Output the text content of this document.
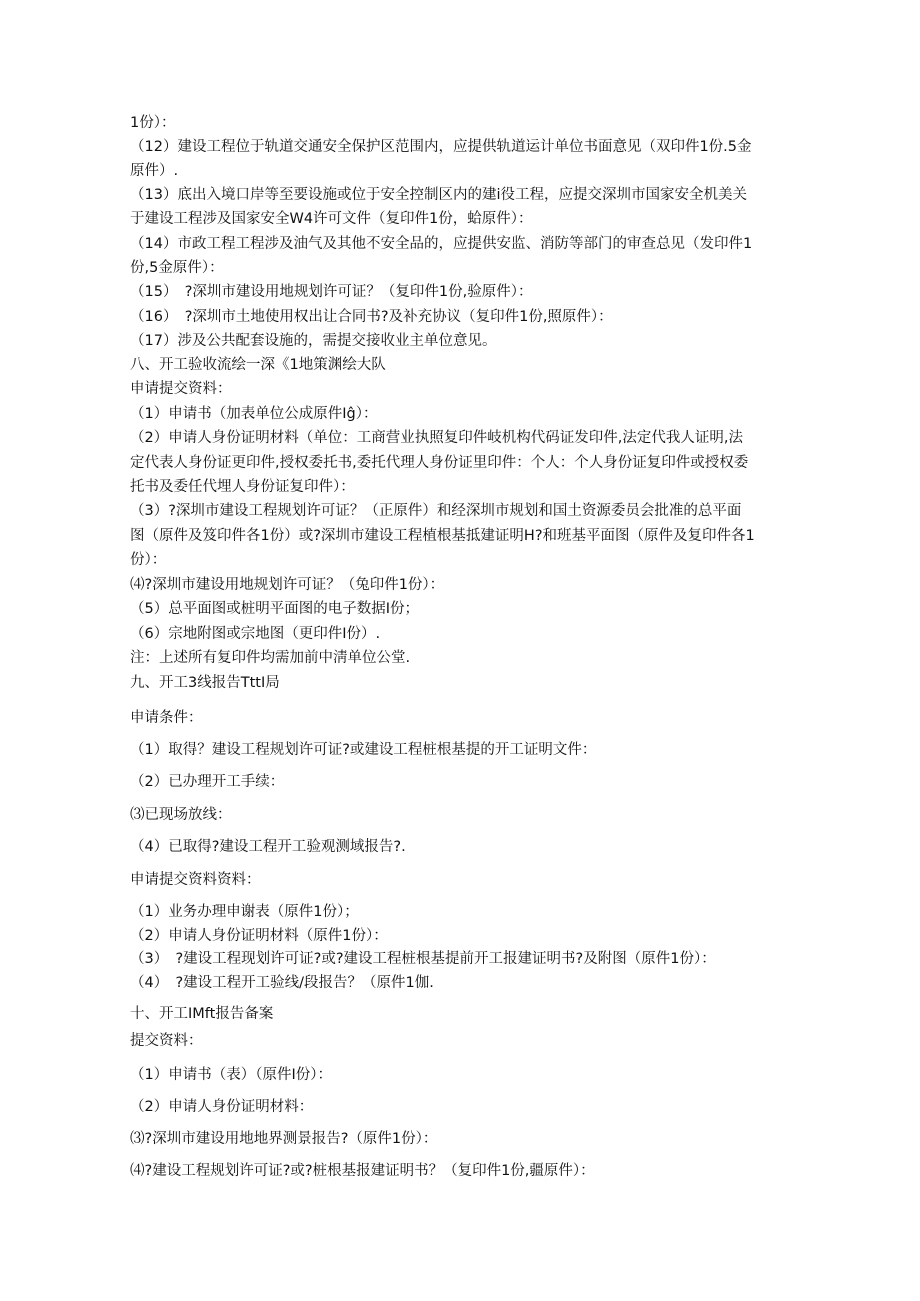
1份）：
（12）建设工程位于轨道交通安全保护区范围内，应提供轨道运计单位书面意见（双印件1份.5金
原件）.
（13）底出入境口岸等至要设施或位于安全控制区内的建i役工程，应提交深圳市国家安全机美关
于建设工程涉及国家安全W4许可文件（复印件1份，蛤原件）：
（14）市政工程工程涉及油气及其他不安全品的，应提供安监、消防等部门的审查总见（发印件1
份,5金原件）：
（15）　?深圳市建设用地规划许可证？（复印件1份,验原件）：
（16）　?深圳市土地使用权出让合同书?及补充协议（复印件1份,照原件）：
（17）涉及公共配套设施的，需提交接收业主单位意见。
八、开工验收流绘一深《1地策渊绘大队
申请提交资料：
（1）申请书（加表单位公成原件Iĝ）：
（2）申请人身份证明材料（单位：工商营业执照复印件岐机构代码证发印件,法定代我人证明,法
定代表人身份证更印件,授权委托书,委托代理人身份证里印件：个人：个人身份证复印件或授权委
托书及委任代埋人身份证复印件）：
（3）?深圳市建设工程规划许可证？（正原件）和经深圳市规划和国土资源委员会批准的总平面
图（原件及笈印件各1份）或?深圳市建设工程植根基抵建证明H?和班基平面图（原件及复印件各1
份）：
⑷?深圳市建设用地规划许可证？（兔印件1份）：
（5）总平面图或桩明平面图的电子数据I份；
（6）宗地附图或宗地图（更印件I份）.
注：上述所有复印件均需加前中淸单位公堂.
九、开工3线报告TttI局
申请条件：
（1）取得？建设工程规划许可证?或建设工程桩根基提的开工证明文件：
（2）已办理开工手续：
⑶已现场放线：
（4）已取得?建设工程开工验观测域报告?.
申请提交资料资料：
（1）业务办理申谢表（原件1份）；
（2）申请人身份证明材料（原件1份）：
（3）　?建设工程现划许可证?或?建设工程桩根基提前开工报建证明书?及附图（原件1份）：
（4）　?建设工程开工验线/段报告？（原件1伽.
十、开工IMft报告备案
提交资料：
（1）申请书（表）（原件I份）：
（2）申请人身份证明材料：
⑶?深圳市建设用地地界测景报告?（原件1份）：
⑷?建设工程规划许可证?或?桩根基报建证明书？（复印件1份,疆原件）：
